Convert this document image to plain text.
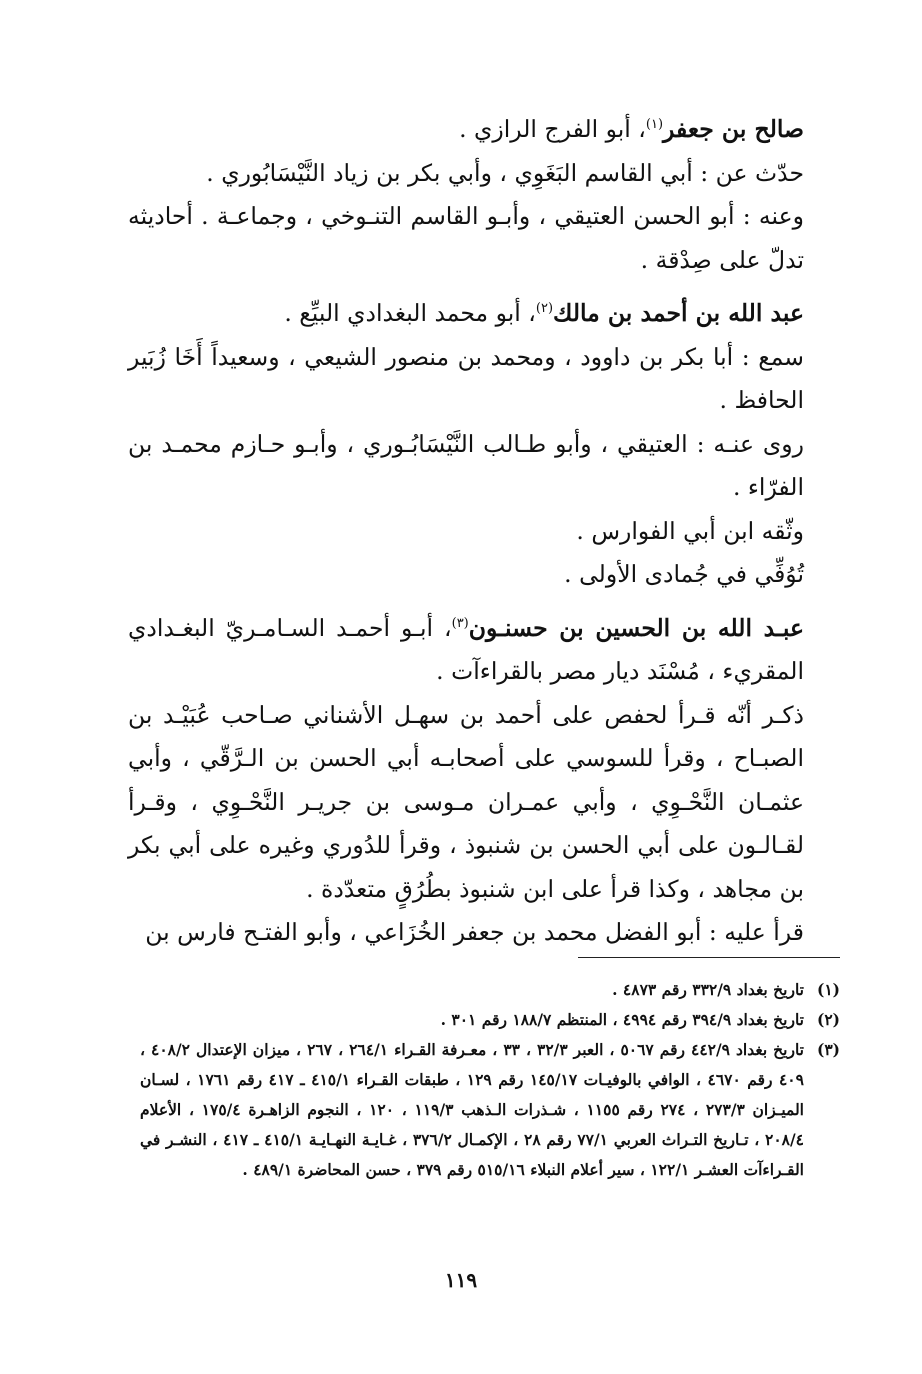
صالح بن جعفر$^{(١)}$، أبو الفرج الرازي .

حدّث عن : أبي القاسم البَغَوِي ، وأبي بكر بن زياد النَّيْسَابُوري .

وعنه : أبو الحسن العتيقي ، وأبـو القاسم التنـوخي ، وجماعـة . أحاديثه تدلّ على صِدْقة .

عبد الله بن أحمد بن مالك$^{(٢)}$، أبو محمد البغدادي البيِّع .

سمع : أبا بكر بن داوود ، ومحمد بن منصور الشيعي ، وسعيداً أَخَا زُبَير الحافظ .

روى عنـه : العتيقي ، وأبو طـالب النَّيْسَابُـوري ، وأبـو حـازم محمـد بن الفرّاء .

وثّقه ابن أبي الفوارس .

تُوُفِّي في جُمادى الأولى .

عبـد الله بن الحسين بن حسنـون$^{(٣)}$، أبـو أحمـد السـامـريّ البغـدادي المقريء ، مُسْنَد ديار مصر بالقراءآت .

ذكـر أنّه قـرأ لحفص على أحمد بن سهـل الأشناني صـاحب عُبَيْـد بن الصبـاح ، وقرأ للسوسي على أصحابـه أبي الحسن بن الـرَّقّي ، وأبي عثمـان النَّحْـوِي ، وأبي عمـران مـوسى بن جريـر النَّحْـوِي ، وقـرأ لقـالـون على أبي الحسن بن شنبوذ ، وقرأ للدُوري وغيره على أبي بكر بن مجاهد ، وكذا قرأ على ابن شنبوذ بطُرُقٍ متعدّدة .

قرأ عليه : أبو الفضل محمد بن جعفر الخُزَاعي ، وأبو الفتـح فارس بن

(١)
تاريخ بغداد ٣٣٢/٩ رقم ٤٨٧٣ .

(٢)
تاريخ بغداد ٣٩٤/٩ رقم ٤٩٩٤ ، المنتظم ١٨٨/٧ رقم ٣٠١ .

(٣)
تاريخ بغداد ٤٤٢/٩ رقم ٥٠٦٧ ، العبر ٣٢/٣ ، ٣٣ ، معـرفة القـراء ٢٦٤/١ ، ٢٦٧ ، ميزان الإعتدال ٤٠٨/٢ ، ٤٠٩ رقم ٤٦٧٠ ، الوافي بالوفيـات ١٤٥/١٧ رقم ١٢٩ ، طبقات القـراء ٤١٥/١ ـ ٤١٧ رقم ١٧٦١ ، لسـان الميـزان ٢٧٣/٣ ، ٢٧٤ رقم ١١٥٥ ، شـذرات الـذهب ١١٩/٣ ، ١٢٠ ، النجوم الزاهـرة ١٧٥/٤ ، الأعلام ٢٠٨/٤ ، تـاريخ التـراث العربي ٧٧/١ رقم ٢٨ ، الإكمـال ٣٧٦/٢ ، غـايـة النهـايـة ٤١٥/١ ـ ٤١٧ ، النشـر في القـراءآت العشـر ١٢٢/١ ، سير أعلام النبلاء ٥١٥/١٦ رقم ٣٧٩ ، حسن المحاضرة ٤٨٩/١ .

١١٩
